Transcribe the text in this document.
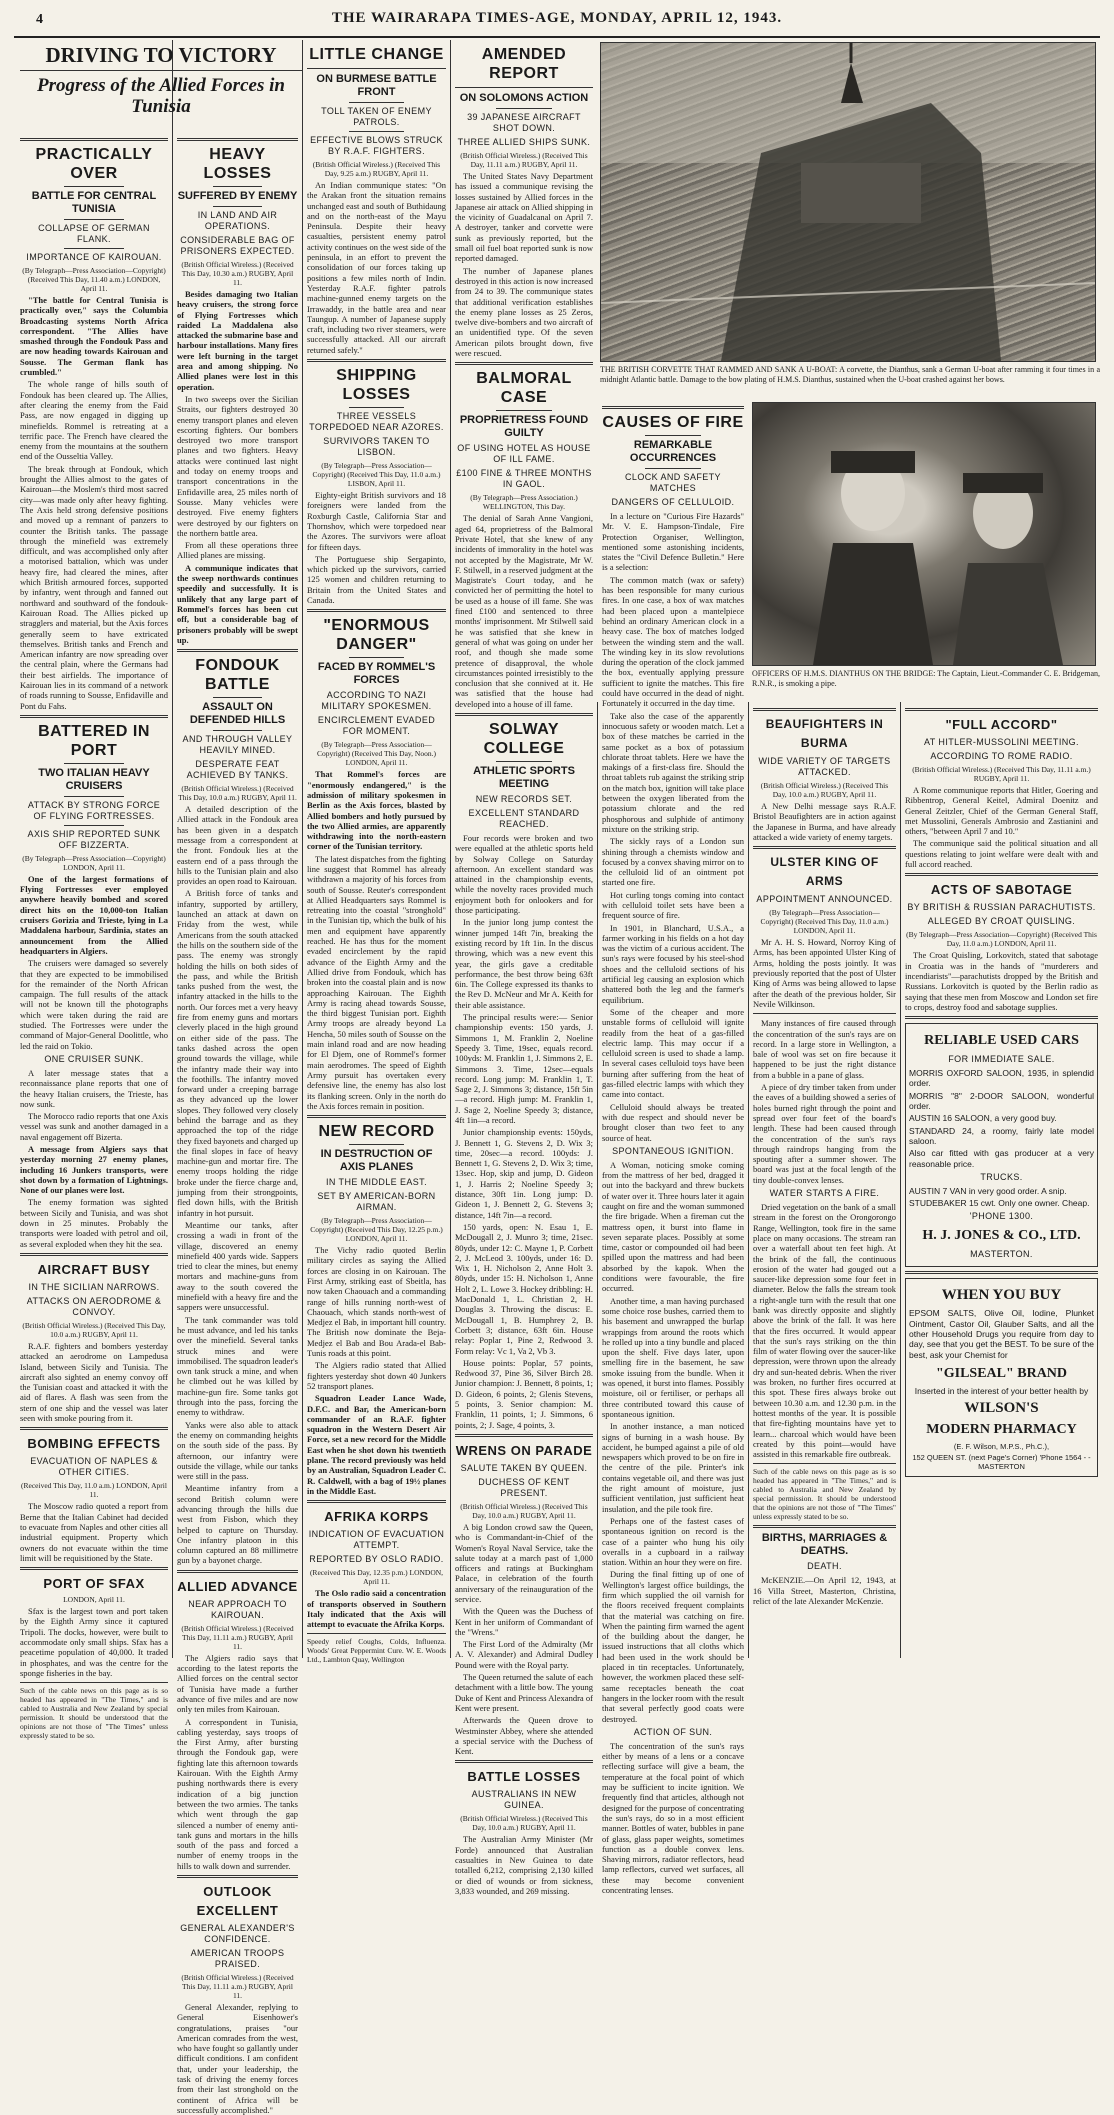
4	THE WAIRARAPA TIMES-AGE, MONDAY, APRIL 12, 1943.
DRIVING TO VICTORY
Progress of the Allied Forces in Tunisia
PRACTICALLY OVER
BATTLE FOR CENTRAL TUNISIA
COLLAPSE OF GERMAN FLANK.
IMPORTANCE OF KAIROUAN.
(By Telegraph—Press Association—Copyright) (Received This Day, 11.40 a.m.) LONDON, April 11.

"The battle for Central Tunisia is practically over," says the Columbia Broadcasting systems North Africa correspondent. "The Allies have smashed through the Fondouk Pass and are now heading towards Kairouan and Sousse. The German flank has crumbled."

The whole range of hills south of Fondouk has been cleared up. The Allies, after clearing the enemy from the Faid Pass, are now engaged in digging up minefields. Rommel is retreating at a terrific pace. The French have cleared the enemy from the mountains at the southern end of the Ousseltia Valley.

The break through at Fondouk, which brought the Allies almost to the gates of Kairouan—the Moslem's third most sacred city—was made only after heavy fighting. The Axis held strong defensive positions and moved up a remnant of panzers to counter the British tanks. The passage through the minefield was extremely difficult, and was accomplished only after a motorised battalion, which was under heavy fire, had cleared the mines, after which British armoured forces, supported by infantry, went through and fanned out northward and southward of the fondouk-Kairouan Road. The Allies picked up stragglers and material, but the Axis forces generally seem to have extricated themselves. British tanks and French and American infantry are now spreading over the central plain, where the Germans had their best airfields. The importance of Kairouan lies in its command of a network of roads running to Sousse, Enfidaville and Pont du Fahs.

BATTERED IN PORT
TWO ITALIAN HEAVY CRUISERS
ATTACK BY STRONG FORCE OF FLYING FORTRESSES.
AXIS SHIP REPORTED SUNK OFF BIZZERTA.
(By Telegraph—Press Association—Copyright) LONDON, April 11.

One of the largest formations of Flying Fortresses ever employed anywhere heavily bombed and scored direct hits on the 10,000-ton Italian cruisers Gorizia and Trieste, lying in La Maddalena harbour, Sardinia, states an announcement from the Allied headquarters in Algiers.

The cruisers were damaged so severely that they are expected to be immobilised for the remainder of the North African campaign. The full results of the attack will not be known till the photographs which were taken during the raid are studied. The Fortresses were under the command of Major-General Doolittle, who led the raid on Tokio.

ONE CRUISER SUNK.

A later message states that a reconnaissance plane reports that one of the heavy Italian cruisers, the Trieste, has now sunk.

The Morocco radio reports that one Axis vessel was sunk and another damaged in a naval engagement off Bizerta.

A message from Algiers says that yesterday morning 27 enemy planes, including 16 Junkers transports, were shot down by a formation of Lightnings. None of our planes were lost.

The enemy formation was sighted between Sicily and Tunisia, and was shot down in 25 minutes. Probably the transports were loaded with petrol and oil, as several exploded when they hit the sea.

AIRCRAFT BUSY
IN THE SICILIAN NARROWS.
ATTACKS ON AERODROME & CONVOY.
(British Official Wireless.) (Received This Day, 10.0 a.m.) RUGBY, April 11.

R.A.F. fighters and bombers yesterday attacked an aerodrome on Lampedusa Island, between Sicily and Tunisia. The aircraft also sighted an enemy convoy off the Tunisian coast and attacked it with the aid of flares. A flash was seen from the stern of one ship and the vessel was later seen with smoke pouring from it.

BOMBING EFFECTS
EVACUATION OF NAPLES & OTHER CITIES.
(Received This Day, 11.0 a.m.) LONDON, April 11.

The Moscow radio quoted a report from Berne that the Italian Cabinet had decided to evacuate from Naples and other cities all industrial equipment. Property which owners do not evacuate within the time limit will be requisitioned by the State.

PORT OF SFAX
LONDON, April 11.

Sfax is the largest town and port taken by the Eighth Army since it captured Tripoli. The docks, however, were built to accommodate only small ships. Sfax has a peacetime population of 40,000. It traded in phosphates, and was the centre for the sponge fisheries in the bay.

Such of the cable news on this page as is so headed has appeared in "The Times," and is cabled to Australia and New Zealand by special permission. It should be understood that the opinions are not those of "The Times" unless expressly stated to be so.
HEAVY LOSSES
SUFFERED BY ENEMY
IN LAND AND AIR OPERATIONS.
CONSIDERABLE BAG OF PRISONERS EXPECTED.
(British Official Wireless.) (Received This Day, 10.30 a.m.) RUGBY, April 11.

Besides damaging two Italian heavy cruisers, the strong force of Flying Fortresses which raided La Maddalena also attacked the submarine base and harbour installations. Many fires were left burning in the target area and among shipping. No Allied planes were lost in this operation.

In two sweeps over the Sicilian Straits, our fighters destroyed 30 enemy transport planes and eleven escorting fighters. Our bombers destroyed two more transport planes and two fighters. Heavy attacks were continued last night and today on enemy troops and transport concentrations in the Enfidaville area, 25 miles north of Sousse. Many vehicles were destroyed. Five enemy fighters were destroyed by our fighters on the northern battle area.

From all these operations three Allied planes are missing.

A communique indicates that the sweep northwards continues speedily and successfully. It is unlikely that any large part of Rommel's forces has been cut off, but a considerable bag of prisoners probably will be swept up.

FONDOUK BATTLE
ASSAULT ON DEFENDED HILLS
AND THROUGH VALLEY HEAVILY MINED.
DESPERATE FEAT ACHIEVED BY TANKS.
(British Official Wireless.) (Received This Day, 10.0 a.m.) RUGBY, April 11.

A detailed description of the Allied attack in the Fondouk area has been given in a despatch message from a correspondent at the front. Fondouk lies at the eastern end of a pass through the hills to the Tunisian plain and also provides an open road to Kairouan.

A British force of tanks and infantry, supported by artillery, launched an attack at dawn on Friday from the west, while Americans from the south attacked the hills on the southern side of the pass. The enemy was strongly holding the hills on both sides of the pass, and while the British tanks pushed from the west, the infantry attacked in the hills to the north. Our forces met a very heavy fire from enemy guns and mortars cleverly placed in the high ground on either side of the pass. The tanks dashed across the open ground towards the village, while the infantry made their way into the foothills. The infantry moved forward under a creeping barrage as they advanced up the lower slopes. They followed very closely behind the barrage and as they approached the top of the ridge they fixed bayonets and charged up the final slopes in face of heavy machine-gun and mortar fire. The enemy troops holding the ridge broke under the fierce charge and, jumping from their strongpoints, fled down hills, with the British infantry in hot pursuit.

Meantime our tanks, after crossing a wadi in front of the village, discovered an enemy minefield 400 yards wide. Sappers tried to clear the mines, but enemy mortars and machine-guns from away to the south covered the minefield with a heavy fire and the sappers were unsuccessful.

The tank commander was told he must advance, and led his tanks over the minefield. Several tanks struck mines and were immobilised. The squadron leader's own tank struck a mine, and when he climbed out he was killed by machine-gun fire. Some tanks got through into the pass, forcing the enemy to withdraw.

Yanks were also able to attack the enemy on commanding heights on the south side of the pass. By afternoon, our infantry were outside the village, while our tanks were still in the pass.

Meantime infantry from a second British column were advancing through the hills due west from Fisbon, which they helped to capture on Thursday. One infantry platoon in this column captured an 88 millimetre gun by a bayonet charge.

ALLIED ADVANCE
NEAR APPROACH TO KAIROUAN.
(British Official Wireless.) (Received This Day, 11.11 a.m.) RUGBY, April 11.

The Algiers radio says that according to the latest reports the Allied forces on the central sector of Tunisia have made a further advance of five miles and are now only ten miles from Kairouan.

A correspondent in Tunisia, cabling yesterday, says troops of the First Army, after bursting through the Fondouk gap, were fighting late this afternoon towards Kairouan. With the Eighth Army pushing northwards there is every indication of a big junction between the two armies. The tanks which went through the gap silenced a number of enemy anti-tank guns and mortars in the hills south of the pass and forced a number of enemy troops in the hills to walk down and surrender.

OUTLOOK EXCELLENT
GENERAL ALEXANDER'S CONFIDENCE.
AMERICAN TROOPS PRAISED.
(British Official Wireless.) (Received This Day, 11.11 a.m.) RUGBY, April 11.

General Alexander, replying to General Eisenhower's congratulations, praises "our American comrades from the west, who have fought so gallantly under difficult conditions. I am confident that, under your leadership, the task of driving the enemy forces from their last stronghold on the continent of Africa will be successfully accomplished."

LITTLE CHANGE
ON BURMESE BATTLE FRONT
TOLL TAKEN OF ENEMY PATROLS.
EFFECTIVE BLOWS STRUCK BY R.A.F. FIGHTERS.
(British Official Wireless.) (Received This Day, 9.25 a.m.) RUGBY, April 11.

An Indian communique states: "On the Arakan front the situation remains unchanged east and south of Buthidaung and on the north-east of the Mayu Peninsula. Despite their heavy casualties, persistent enemy patrol activity continues on the west side of the peninsula, in an effort to prevent the consolidation of our forces taking up positions a few miles north of Indin. Yesterday R.A.F. fighter patrols machine-gunned enemy targets on the Irrawaddy, in the battle area and near Taungup. A number of Japanese supply craft, including two river steamers, were successfully attacked. All our aircraft returned safely."

SHIPPING LOSSES
THREE VESSELS TORPEDOED NEAR AZORES.
SURVIVORS TAKEN TO LISBON.
(By Telegraph—Press Association—Copyright) (Received This Day, 11.0 a.m.) LISBON, April 11.

Eighty-eight British survivors and 18 foreigners were landed from the Roxburgh Castle, California Star and Thornshov, which were torpedoed near the Azores. The survivors were afloat for fifteen days.

The Portuguese ship Sergapinto, which picked up the survivors, carried 125 women and children returning to Britain from the United States and Canada.

"ENORMOUS DANGER"
FACED BY ROMMEL'S FORCES
ACCORDING TO NAZI MILITARY SPOKESMEN.
ENCIRCLEMENT EVADED FOR MOMENT.
(By Telegraph—Press Association—Copyright) (Received This Day, Noon.) LONDON, April 11.

That Rommel's forces are "enormously endangered," is the admission of military spokesmen in Berlin as the Axis forces, blasted by Allied bombers and hotly pursued by the two Allied armies, are apparently withdrawing into the north-eastern corner of the Tunisian territory.

The latest dispatches from the fighting line suggest that Rommel has already withdrawn a majority of his forces from south of Sousse. Reuter's correspondent at Allied Headquarters says Rommel is retreating into the coastal "stronghold" in the Tunisian tip, which the bulk of his men and equipment have apparently reached. He has thus for the moment evaded encirclement by the rapid advance of the Eighth Army and the Allied drive from Fondouk, which has broken into the coastal plain and is now approaching Kairouan. The Eighth Army is racing ahead towards Sousse, the third biggest Tunisian port. Eighth Army troops are already beyond La Hencha, 50 miles south of Sousse on the main inland road and are now heading for El Djem, one of Rommel's former main aerodromes. The speed of Eighth Army pursuit has overtaken every defensive line, the enemy has also lost its flanking screen. Only in the north do the Axis forces remain in position.

NEW RECORD
IN DESTRUCTION OF AXIS PLANES
IN THE MIDDLE EAST.
SET BY AMERICAN-BORN AIRMAN.
(By Telegraph—Press Association—Copyright) (Received This Day, 12.25 p.m.) LONDON, April 11.

The Vichy radio quoted Berlin military circles as saying the Allied forces are closing in on Kairouan. The First Army, striking east of Sbeitla, has now taken Chaouach and a commanding range of hills running north-west of Chaouach, which stands north-west of Medjez el Bab, in important hill country. The British now dominate the Beja-Medjez el Bab and Bou Arada-el Bab-Tunis roads at this point.

The Algiers radio stated that Allied fighters yesterday shot down 40 Junkers 52 transport planes.

Squadron Leader Lance Wade, D.F.C. and Bar, the American-born commander of an R.A.F. fighter squadron in the Western Desert Air Force, set a new record for the Middle East when he shot down his twentieth plane. The record previously was held by an Australian, Squadron Leader C. R. Caldwell, with a bag of 19½ planes in the Middle East.

AFRIKA KORPS
INDICATION OF EVACUATION ATTEMPT.
REPORTED BY OSLO RADIO.
(Received This Day, 12.35 p.m.) LONDON, April 11.

The Oslo radio said a concentration of transports observed in Southern Italy indicated that the Axis will attempt to evacuate the Afrika Korps.

Speedy relief Coughs, Colds, Influenza. Woods' Great Peppermint Cure. W. E. Woods Ltd., Lambton Quay, Wellington
AMENDED REPORT
ON SOLOMONS ACTION
39 JAPANESE AIRCRAFT SHOT DOWN.
THREE ALLIED SHIPS SUNK.
(British Official Wireless.) (Received This Day, 11.11 a.m.) RUGBY, April 11.

The United States Navy Department has issued a communique revising the losses sustained by Allied forces in the Japanese air attack on Allied shipping in the vicinity of Guadalcanal on April 7. A destroyer, tanker and corvette were sunk as previously reported, but the small oil fuel boat reported sunk is now reported damaged.

The number of Japanese planes destroyed in this action is now increased from 24 to 39. The communique states that additional verification establishes the enemy plane losses as 25 Zeros, twelve dive-bombers and two aircraft of an unidentified type. Of the seven American pilots brought down, five were rescued.

BALMORAL CASE
PROPRIETRESS FOUND GUILTY
OF USING HOTEL AS HOUSE OF ILL FAME.
£100 FINE & THREE MONTHS IN GAOL.
(By Telegraph—Press Association.) WELLINGTON, This Day.

The denial of Sarah Anne Vangioni, aged 64, proprietress of the Balmoral Private Hotel, that she knew of any incidents of immorality in the hotel was not accepted by the Magistrate, Mr W. F. Stilwell, in a reserved judgment at the Magistrate's Court today, and he convicted her of permitting the hotel to be used as a house of ill fame. She was fined £100 and sentenced to three months' imprisonment. Mr Stilwell said he was satisfied that she knew in general of what was going on under her roof, and though she made some pretence of disapproval, the whole circumstances pointed irresistibly to the conclusion that she connived at it. He was satisfied that the house had developed into a house of ill fame.

SOLWAY COLLEGE
ATHLETIC SPORTS MEETING
NEW RECORDS SET.
EXCELLENT STANDARD REACHED.

Four records were broken and two were equalled at the athletic sports held by Solway College on Saturday afternoon. An excellent standard was attained in the championship events, while the novelty races provided much enjoyment both for onlookers and for those participating.

In the junior long jump contest the winner jumped 14ft 7in, breaking the existing record by 1ft 1in. In the discus throwing, which was a new event this year, the girls gave a creditable performance, the best throw being 63ft 6in. The College expressed its thanks to the Rev D. McNeur and Mr A. Keith for their able assistance.

The principal results were:— Senior championship events: 150 yards, J. Simmons 1, M. Franklin 2, Noeline Speedy 3. Time, 19sec, equals record. 100yds: M. Franklin 1, J. Simmons 2, E. Simmons 3. Time, 12sec—equals record. Long jump: M. Franklin 1, T. Sage 2, J. Simmons 3; distance, 15ft 5in—a record. High jump: M. Franklin 1, J. Sage 2, Noeline Speedy 3; distance, 4ft 1in—a record.

Junior championship events: 150yds, J. Bennett 1, G. Stevens 2, D. Wix 3; time, 20sec—a record. 100yds: J. Bennett 1, G. Stevens 2, D. Wix 3; time, 13sec. Hop, skip and jump, D. Gideon 1, J. Harris 2; Noeline Speedy 3; distance, 30ft 1in. Long jump: D. Gideon 1, J. Bennett 2, G. Stevens 3; distance, 14ft 7in—a record.

150 yards, open: N. Esau 1, E. McDougall 2, J. Munro 3; time, 21sec. 80yds, under 12: C. Mayne 1, P. Corbett 2, J. McLeod 3. 100yds, under 16: D. Wix 1, H. Nicholson 2, Anne Holt 3. 80yds, under 15: H. Nicholson 1, Anne Holt 2, L. Lowe 3. Hockey dribbling: H. MacDonald 1, L. Christian 2, H. Douglas 3. Throwing the discus: E. McDougall 1, B. Humphrey 2, B. Corbett 3; distance, 63ft 6in. House relay: Poplar 1, Pine 2, Redwood 3. Form relay: Vc 1, Va 2, Vb 3.

House points: Poplar, 57 points, Redwood 37, Pine 36, Silver Birch 28. Junior champion: J. Bennett, 8 points, 1; D. Gideon, 6 points, 2; Glenis Stevens, 5 points, 3. Senior champion: M. Franklin, 11 points, 1; J. Simmons, 6 points, 2; J. Sage, 4 points, 3.

WRENS ON PARADE
SALUTE TAKEN BY QUEEN.
DUCHESS OF KENT PRESENT.
(British Official Wireless.) (Received This Day, 10.0 a.m.) RUGBY, April 11.

A big London crowd saw the Queen, who is Commandant-in-Chief of the Women's Royal Naval Service, take the salute today at a march past of 1,000 officers and ratings at Buckingham Palace, in celebration of the fourth anniversary of the reinauguration of the service.

With the Queen was the Duchess of Kent in her uniform of Commandant of the "Wrens."

The First Lord of the Admiralty (Mr A. V. Alexander) and Admiral Dudley Pound were with the Royal party.

The Queen returned the salute of each detachment with a little bow. The young Duke of Kent and Princess Alexandra of Kent were present.

Afterwards the Queen drove to Westminster Abbey, where she attended a special service with the Duchess of Kent.

BATTLE LOSSES
AUSTRALIANS IN NEW GUINEA.
(British Official Wireless.) (Received This Day, 10.0 a.m.) RUGBY, April 11.

The Australian Army Minister (Mr Forde) announced that Australian casualties in New Guinea to date totalled 6,212, comprising 2,130 killed or died of wounds or from sickness, 3,833 wounded, and 269 missing.

THE BRITISH CORVETTE THAT RAMMED AND SANK A U-BOAT: A corvette, the Dianthus, sank a German U-boat after ramming it four times in a midnight Atlantic battle. Damage to the bow plating of H.M.S. Dianthus, sustained when the U-boat crashed against her bows.
CAUSES OF FIRE
REMARKABLE OCCURRENCES
CLOCK AND SAFETY MATCHES
DANGERS OF CELLULOID.

In a lecture on "Curious Fire Hazards" Mr. V. E. Hampson-Tindale, Fire Protection Organiser, Wellington, mentioned some astonishing incidents, states the "Civil Defence Bulletin." Here is a selection:

The common match (wax or safety) has been responsible for many curious fires. In one case, a box of wax matches had been placed upon a mantelpiece behind an ordinary American clock in a heavy case. The box of matches lodged between the winding stem and the wall. The winding key in its slow revolutions during the operation of the clock jammed the box, eventually applying pressure sufficient to ignite the matches. This fire could have occurred in the dead of night. Fortunately it occurred in the day time.

Take also the case of the apparently innocuous safety or wooden match. Let a box of these matches be carried in the same pocket as a box of potassium chlorate throat tablets. Here we have the makings of a first-class fire. Should the throat tablets rub against the striking strip on the match box, ignition will take place between the oxygen liberated from the potassium chlorate and the red phosphorous and sulphide of antimony mixture on the striking strip.

The sickly rays of a London sun shining through a chemists window and focused by a convex shaving mirror on to the celluloid lid of an ointment pot started one fire.

Hot curling tongs coming into contact with celluloid toilet sets have been a frequent source of fire.

In 1901, in Blanchard, U.S.A., a farmer working in his fields on a hot day was the victim of a curious accident. The sun's rays were focused by his steel-shod shoes and the celluloid sections of his artificial leg causing an explosion which shattered both the leg and the farmer's equilibrium.

Some of the cheaper and more unstable forms of celluloid will ignite readily from the heat of a gas-filled electric lamp. This may occur if a celluloid screen is used to shade a lamp. In several cases celluloid toys have been burning after suffering from the heat of gas-filled electric lamps with which they came into contact.

Celluloid should always be treated with due respect and should never be brought closer than two feet to any source of heat.

SPONTANEOUS IGNITION.

A Woman, noticing smoke coming from the mattress of her bed, dragged it out into the backyard and threw buckets of water over it. Three hours later it again caught on fire and the woman summoned the fire brigade. When a fireman cut the mattress open, it burst into flame in seven separate places. Possibly at some time, castor or compounded oil had been spilled upon the mattress and had been absorbed by the kapok. When the conditions were favourable, the fire occurred.

Another time, a man having purchased some choice rose bushes, carried them to his basement and unwrapped the burlap wrappings from around the roots which he rolled up into a tiny bundle and placed upon the shelf. Five days later, upon smelling fire in the basement, he saw smoke issuing from the bundle. When it was opened, it burst into flames. Possibly moisture, oil or fertiliser, or perhaps all three contributed toward this cause of spontaneous ignition.

In another instance, a man noticed signs of burning in a wash house. By accident, he bumped against a pile of old newspapers which proved to be on fire in the centre of the pile. Printer's ink contains vegetable oil, and there was just the right amount of moisture, just sufficient ventilation, just sufficient heat insulation, and the pile took fire.

Perhaps one of the fastest cases of spontaneous ignition on record is the case of a painter who hung his oily overalls in a cupboard in a railway station. Within an hour they were on fire.

During the final fitting up of one of Wellington's largest office buildings, the firm which supplied the oil varnish for the floors received frequent complaints that the material was catching on fire. When the painting firm warned the agent of the building about the danger, he issued instructions that all cloths which had been used in the work should be placed in tin receptacles. Unfortunately, however, the workmen placed these self-same receptacles beneath the coat hangers in the locker room with the result that several perfectly good coats were destroyed.

ACTION OF SUN.

The concentration of the sun's rays either by means of a lens or a concave reflecting surface will give a beam, the temperature at the focal point of which may be sufficient to incite ignition. We frequently find that articles, although not designed for the purpose of concentrating the sun's rays, do so in a most efficient manner. Bottles of water, bubbles in pane of glass, glass paper weights, sometimes function as a double convex lens. Shaving mirrors, radiator reflectors, head lamp reflectors, curved wet surfaces, all these may become convenient concentrating lenses.

OFFICERS OF H.M.S. DIANTHUS ON THE BRIDGE: The Captain, Lieut.-Commander C. E. Bridgeman, R.N.R., is smoking a pipe.
BEAUFIGHTERS IN BURMA
WIDE VARIETY OF TARGETS ATTACKED.
(British Official Wireless.) (Received This Day, 10.0 a.m.) RUGBY, April 11.

A New Delhi message says R.A.F. Bristol Beaufighters are in action against the Japanese in Burma, and have already attacked a wide variety of enemy targets.

ULSTER KING OF ARMS
APPOINTMENT ANNOUNCED.
(By Telegraph—Press Association—Copyright) (Received This Day, 11.0 a.m.) LONDON, April 11.

Mr A. H. S. Howard, Norroy King of Arms, has been appointed Ulster King of Arms, holding the posts jointly. It was previously reported that the post of Ulster King of Arms was being allowed to lapse after the death of the previous holder, Sir Nevile Wilkinson.

Many instances of fire caused through the concentration of the sun's rays are on record. In a large store in Wellington, a bale of wool was set on fire because it happened to be just the right distance from a bubble in a pane of glass.

A piece of dry timber taken from under the eaves of a building showed a series of holes burned right through the point and spread over four feet of the board's length. These had been caused through the concentration of the sun's rays through raindrops hanging from the spouting after a summer shower. The board was just at the focal length of the tiny double-convex lenses.

WATER STARTS A FIRE.

Dried vegetation on the bank of a small stream in the forest on the Orongorongo Range, Wellington, took fire in the same place on many occasions. The stream ran over a waterfall about ten feet high. At the brink of the fall, the continuous erosion of the water had gouged out a saucer-like depression some four feet in diameter. Below the falls the stream took a right-angle turn with the result that one bank was directly opposite and slightly above the brink of the fall. It was here that the fires occurred. It would appear that the sun's rays striking on the thin film of water flowing over the saucer-like depression, were thrown upon the already dry and sun-heated debris. When the river was broken, no further fires occurred at this spot. These fires always broke out between 10.30 a.m. and 12.30 p.m. in the hottest months of the year. It is possible that fire-fighting mountains have yet to learn... charcoal which would have been created by this point—would have assisted in this remarkable fire outbreak.

Such of the cable news on this page as is so headed has appeared in "The Times," and is cabled to Australia and New Zealand by special permission. It should be understood that the opinions are not those of "The Times" unless expressly stated to be so.
BIRTHS, MARRIAGES & DEATHS.
DEATH.

McKENZIE.—On April 12, 1943, at 16 Villa Street, Masterton, Christina, relict of the late Alexander McKenzie.

"FULL ACCORD"
AT HITLER-MUSSOLINI MEETING.
ACCORDING TO ROME RADIO.
(British Official Wireless.) (Received This Day, 11.11 a.m.) RUGBY, April 11.

A Rome communique reports that Hitler, Goering and Ribbentrop, General Keitel, Admiral Doenitz and General Zeitzler, Chief of the German General Staff, met Mussolini, Generals Ambrosio and Zastianini and others, "between April 7 and 10."

The communique said the political situation and all questions relating to joint welfare were dealt with and full accord reached.

ACTS OF SABOTAGE
BY BRITISH & RUSSIAN PARACHUTISTS.
ALLEGED BY CROAT QUISLING.
(By Telegraph—Press Association—Copyright) (Received This Day, 11.0 a.m.) LONDON, April 11.

The Croat Quisling, Lorkovitch, stated that sabotage in Croatia was in the hands of "murderers and incendiarists"—parachutists dropped by the British and Russians. Lorkovitch is quoted by the Berlin radio as saying that these men from Moscow and London set fire to crops, destroy food and sabotage supplies.

RELIABLE USED CARS
FOR IMMEDIATE SALE.

MORRIS OXFORD SALOON, 1935, in splendid order.

MORRIS "8" 2-DOOR SALOON, wonderful order.

AUSTIN 16 SALOON, a very good buy.

STANDARD 24, a roomy, fairly late model saloon.

Also car fitted with gas producer at a very reasonable price.

TRUCKS.

AUSTIN 7 VAN in very good order. A snip.

STUDEBAKER 15 cwt. Only one owner. Cheap.

'PHONE 1300.
H. J. JONES & CO., LTD.
MASTERTON.
WHEN YOU BUY

EPSOM SALTS, Olive Oil, Iodine, Plunket Ointment, Castor Oil, Glauber Salts, and all the other Household Drugs you require from day to day, see that you get the BEST. To be sure of the best, ask your Chemist for

"GILSEAL" BRAND

Inserted in the interest of your better health by

WILSON'S
MODERN PHARMACY
(E. F. Wilson, M.P.S., Ph.C.),
152 QUEEN ST. (next Page's Corner) 'Phone 1564 - - MASTERTON
